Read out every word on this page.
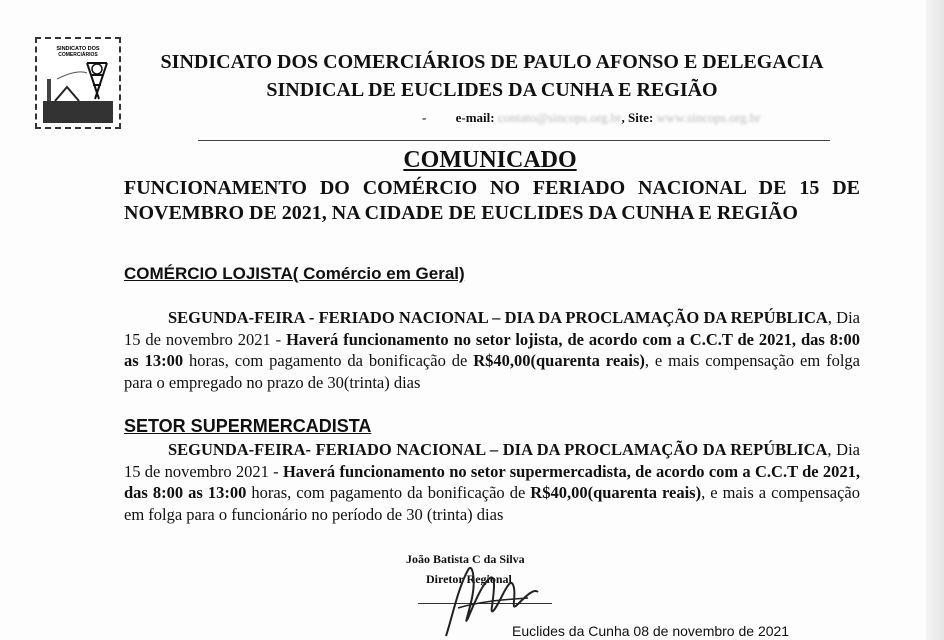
SINDICATO DOS
COMERCIÁRIOS	SINDICATO DOS COMERCIÁRIOS DE PAULO AFONSO E DELEGACIA
SINDICAL DE EUCLIDES DA CUNHA E REGIÃO
- e-mail: contato@sincops.org.br, Site: www.sincops.org.br
COMUNICADO
FUNCIONAMENTO DO COMÉRCIO NO FERIADO NACIONAL DE 15 DE NOVEMBRO DE 2021, NA CIDADE DE EUCLIDES DA CUNHA E REGIÃO
COMÉRCIO LOJISTA( Comércio em Geral)
SEGUNDA-FEIRA - FERIADO NACIONAL – DIA DA PROCLAMAÇÃO DA REPÚBLICA, Dia 15 de novembro 2021 - Haverá funcionamento no setor lojista, de acordo com a C.C.T de 2021, das 8:00 as 13:00 horas, com pagamento da bonificação de R$40,00(quarenta reais), e mais compensação em folga para o empregado no prazo de 30(trinta) dias
SETOR SUPERMERCADISTA
SEGUNDA-FEIRA- FERIADO NACIONAL – DIA DA PROCLAMAÇÃO DA REPÚBLICA, Dia 15 de novembro 2021 - Haverá funcionamento no setor supermercadista, de acordo com a C.C.T de 2021, das 8:00 as 13:00 horas, com pagamento da bonificação de R$40,00(quarenta reais), e mais a compensação em folga para o funcionário no período de 30 (trinta) dias
João Batista C da Silva
Diretor Regional
Euclides da Cunha 08 de novembro de 2021
